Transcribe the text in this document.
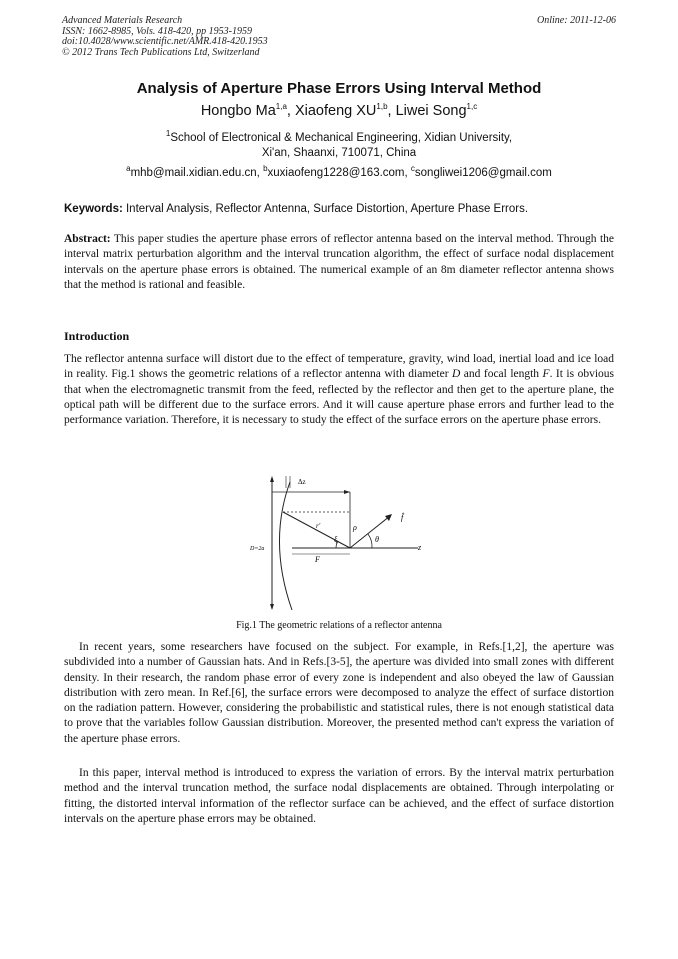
Advanced Materials Research
ISSN: 1662-8985, Vols. 418-420, pp 1953-1959
doi:10.4028/www.scientific.net/AMR.418-420.1953
© 2012 Trans Tech Publications Ltd, Switzerland
Online: 2011-12-06
Analysis of Aperture Phase Errors Using Interval Method
Hongbo Ma$^{1,a}$, Xiaofeng XU$^{1,b}$, Liwei Song$^{1,c}$
$^1$School of Electronical & Mechanical Engineering, Xidian University,
Xi'an, Shaanxi, 710071, China
$^a$mhb@mail.xidian.edu.cn, $^b$xuxiaofeng1228@163.com, $^c$songliwei1206@gmail.com
Keywords: Interval Analysis, Reflector Antenna, Surface Distortion, Aperture Phase Errors.
Abstract: This paper studies the aperture phase errors of reflector antenna based on the interval method. Through the interval matrix perturbation algorithm and the interval truncation algorithm, the effect of surface nodal displacement intervals on the aperture phase errors is obtained. The numerical example of an 8m diameter reflector antenna shows that the method is rational and feasible.
Introduction
The reflector antenna surface will distort due to the effect of temperature, gravity, wind load, inertial load and ice load in reality. Fig.1 shows the geometric relations of a reflector antenna with diameter D and focal length F. It is obvious that when the electromagnetic transmit from the feed, reflected by the reflector and then get to the aperture plane, the optical path will be different due to the surface errors. And it will cause aperture phase errors and further lead to the performance variation. Therefore, it is necessary to study the effect of the surface errors on the aperture phase errors.
Δz
f̂
ρ
r'
ξ	θ
z
D=2a
F
Fig.1 The geometric relations of a reflector antenna
In recent years, some researchers have focused on the subject. For example, in Refs.[1,2], the aperture was subdivided into a number of Gaussian hats. And in Refs.[3-5], the aperture was divided into small zones with different density. In their research, the random phase error of every zone is independent and also obeyed the law of Gaussian distribution with zero mean. In Ref.[6], the surface errors were decomposed to analyze the effect of surface distortion on the radiation pattern. However, considering the probabilistic and statistical rules, there is not enough statistical data to prove that the variables follow Gaussian distribution. Moreover, the presented method can't express the variation of the aperture phase errors.
In this paper, interval method is introduced to express the variation of errors. By the interval matrix perturbation method and the interval truncation method, the surface nodal displacements are obtained. Through interpolating or fitting, the distorted interval information of the reflector surface can be achieved, and the effect of surface distortion intervals on the aperture phase errors may be obtained.
